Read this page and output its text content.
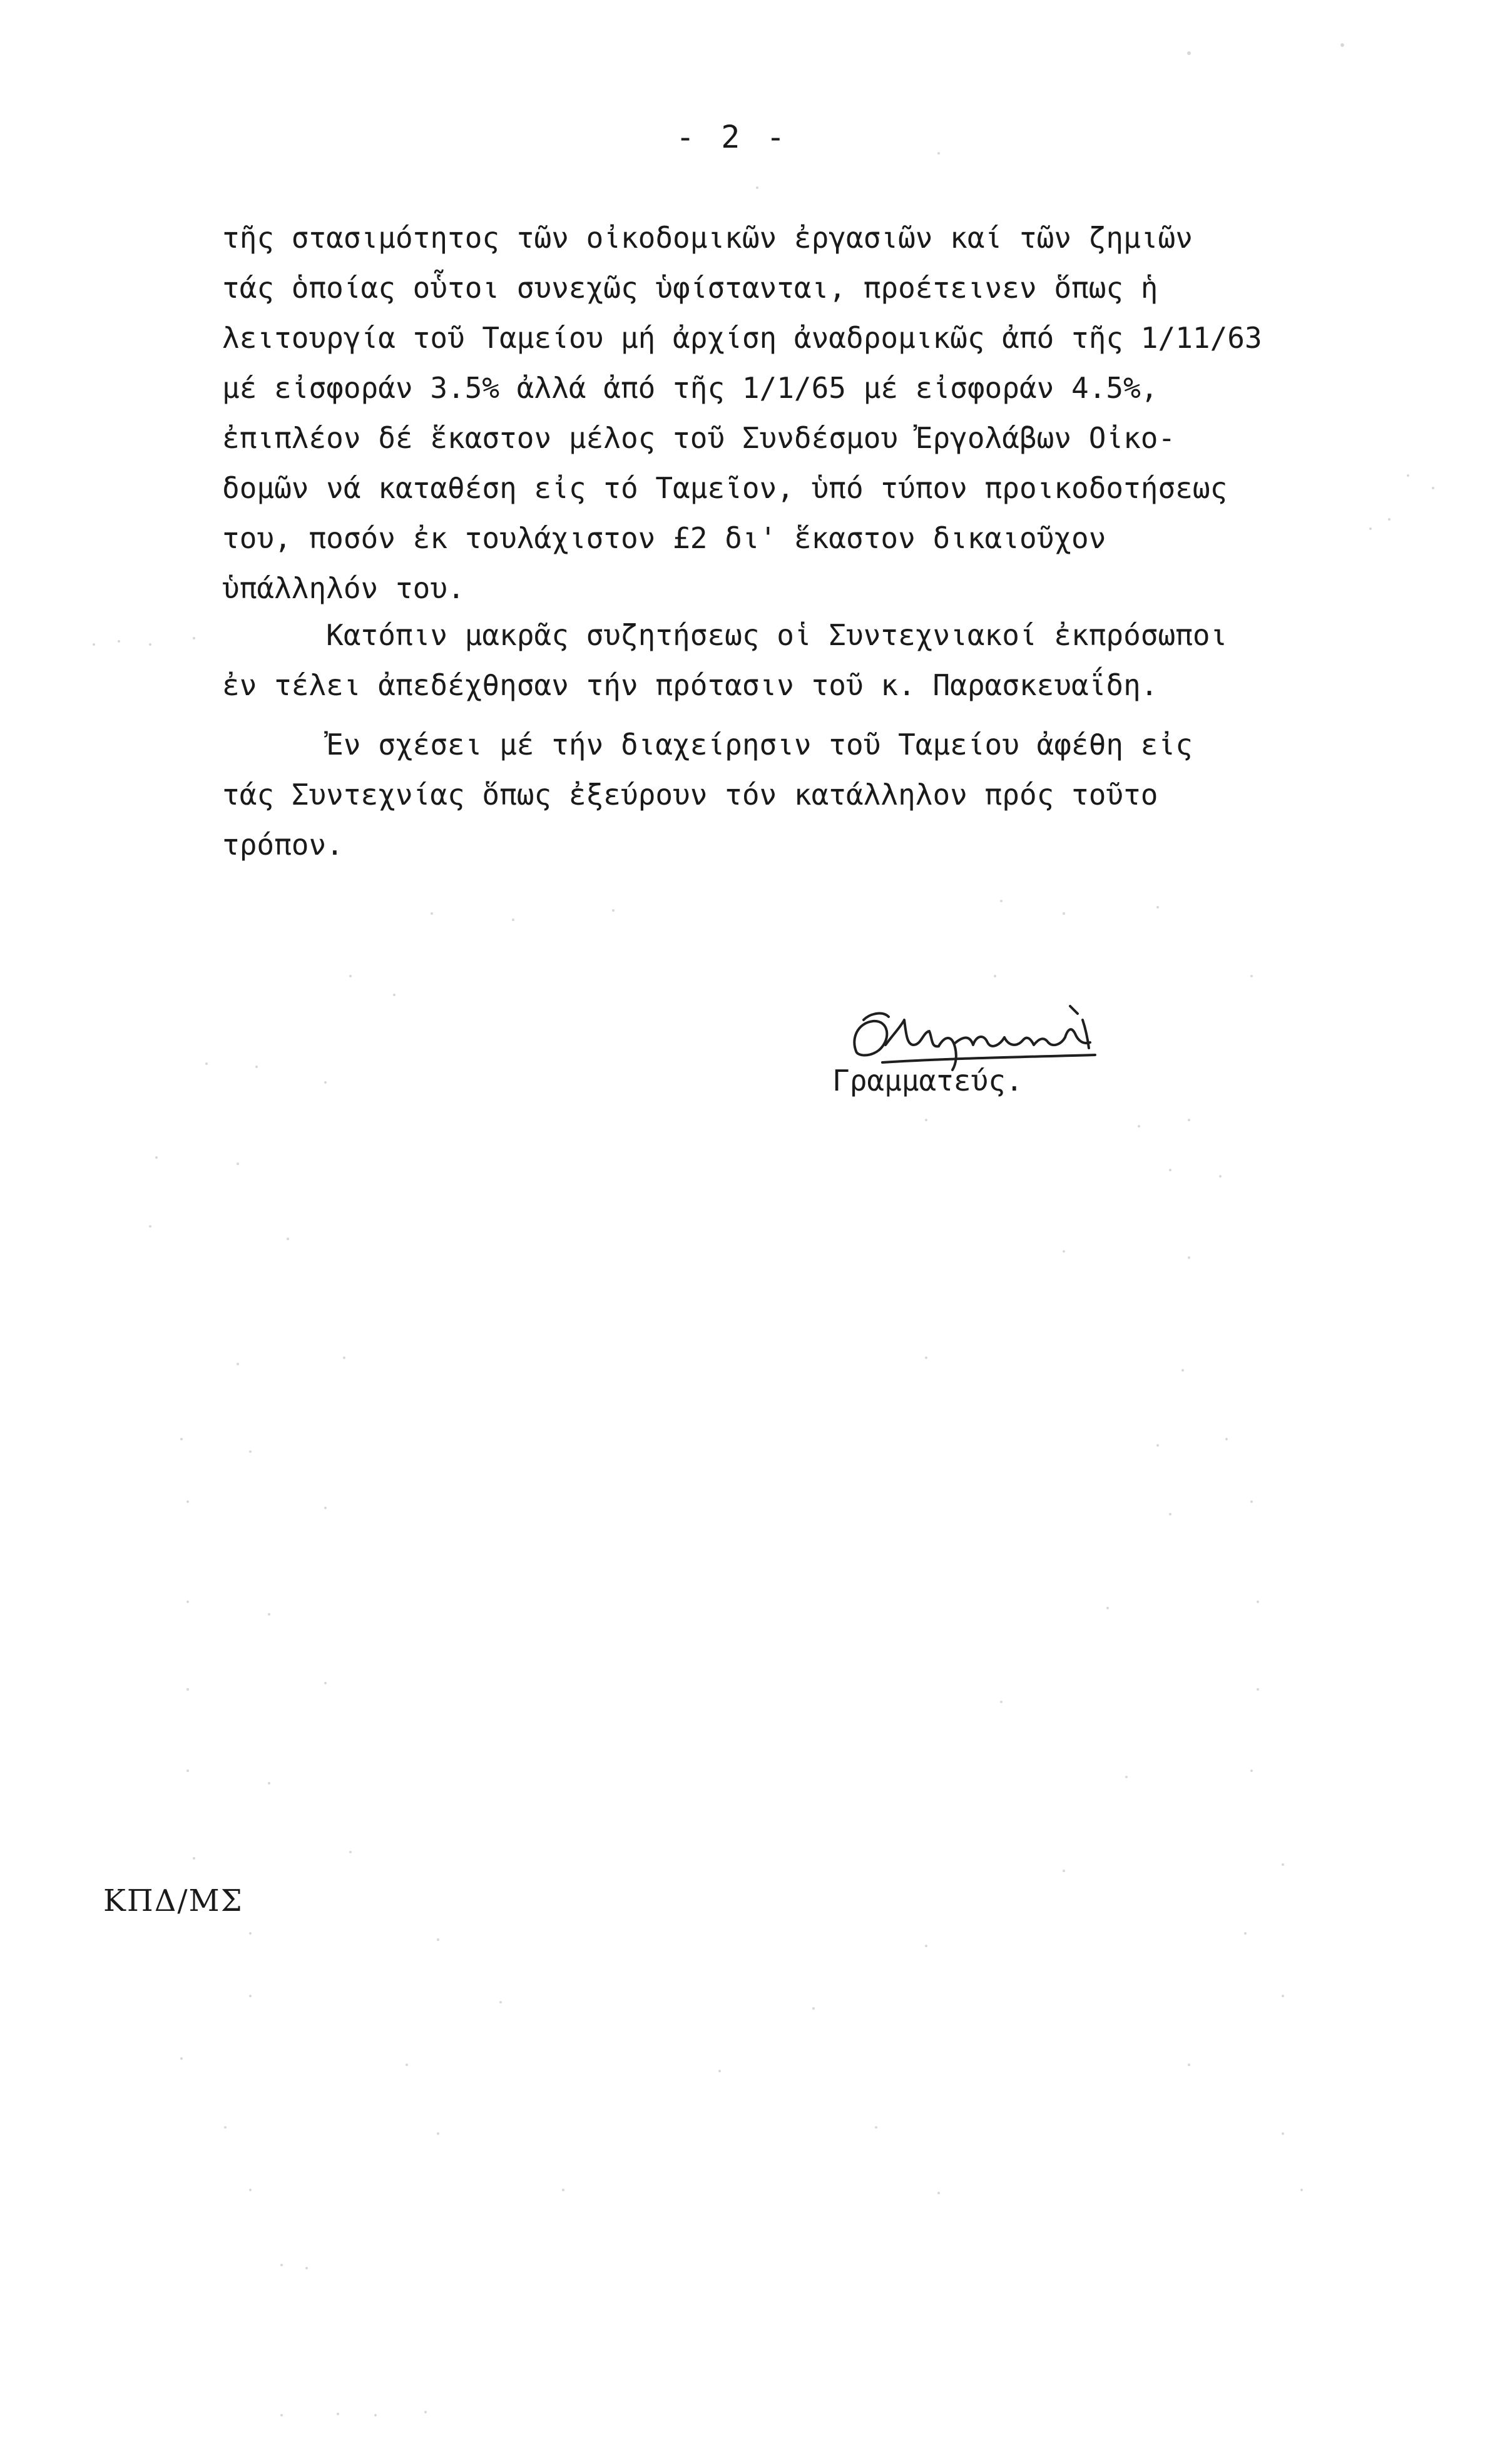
- 2 -
τῆς στασιμότητος τῶν οἰκοδομικῶν ἐργασιῶν καί τῶν ζημιῶν
τάς ὁποίας οὗτοι συνεχῶς ὑφίστανται, προέτεινεν ὅπως ἡ
λειτουργία τοῦ Ταμείου μή ἀρχίση ἀναδρομικῶς ἀπό τῆς 1/11/63
μέ εἰσφοράν 3.5% ἀλλά ἀπό τῆς 1/1/65 μέ εἰσφοράν 4.5%,
ἐπιπλέον δέ ἕκαστον μέλος τοῦ Συνδέσμου Ἐργολάβων Οἰκο-
δομῶν νά καταθέση εἰς τό Ταμεῖον, ὑπό τύπον προικοδοτήσεως
του, ποσόν ἐκ τουλάχιστον £2 δι' ἕκαστον δικαιοῦχον
ὑπάλληλόν του.
Κατόπιν μακρᾶς συζητήσεως οἱ Συντεχνιακοί ἐκπρόσωποι
ἐν τέλει ἀπεδέχθησαν τήν πρότασιν τοῦ κ. Παρασκευαΐδη.
Ἐν σχέσει μέ τήν διαχείρησιν τοῦ Ταμείου ἀφέθη εἰς
τάς Συντεχνίας ὅπως ἐξεύρουν τόν κατάλληλον πρός τοῦτο
τρόπον.
Γραμματεύς.
ΚΠΔ/ΜΣ
